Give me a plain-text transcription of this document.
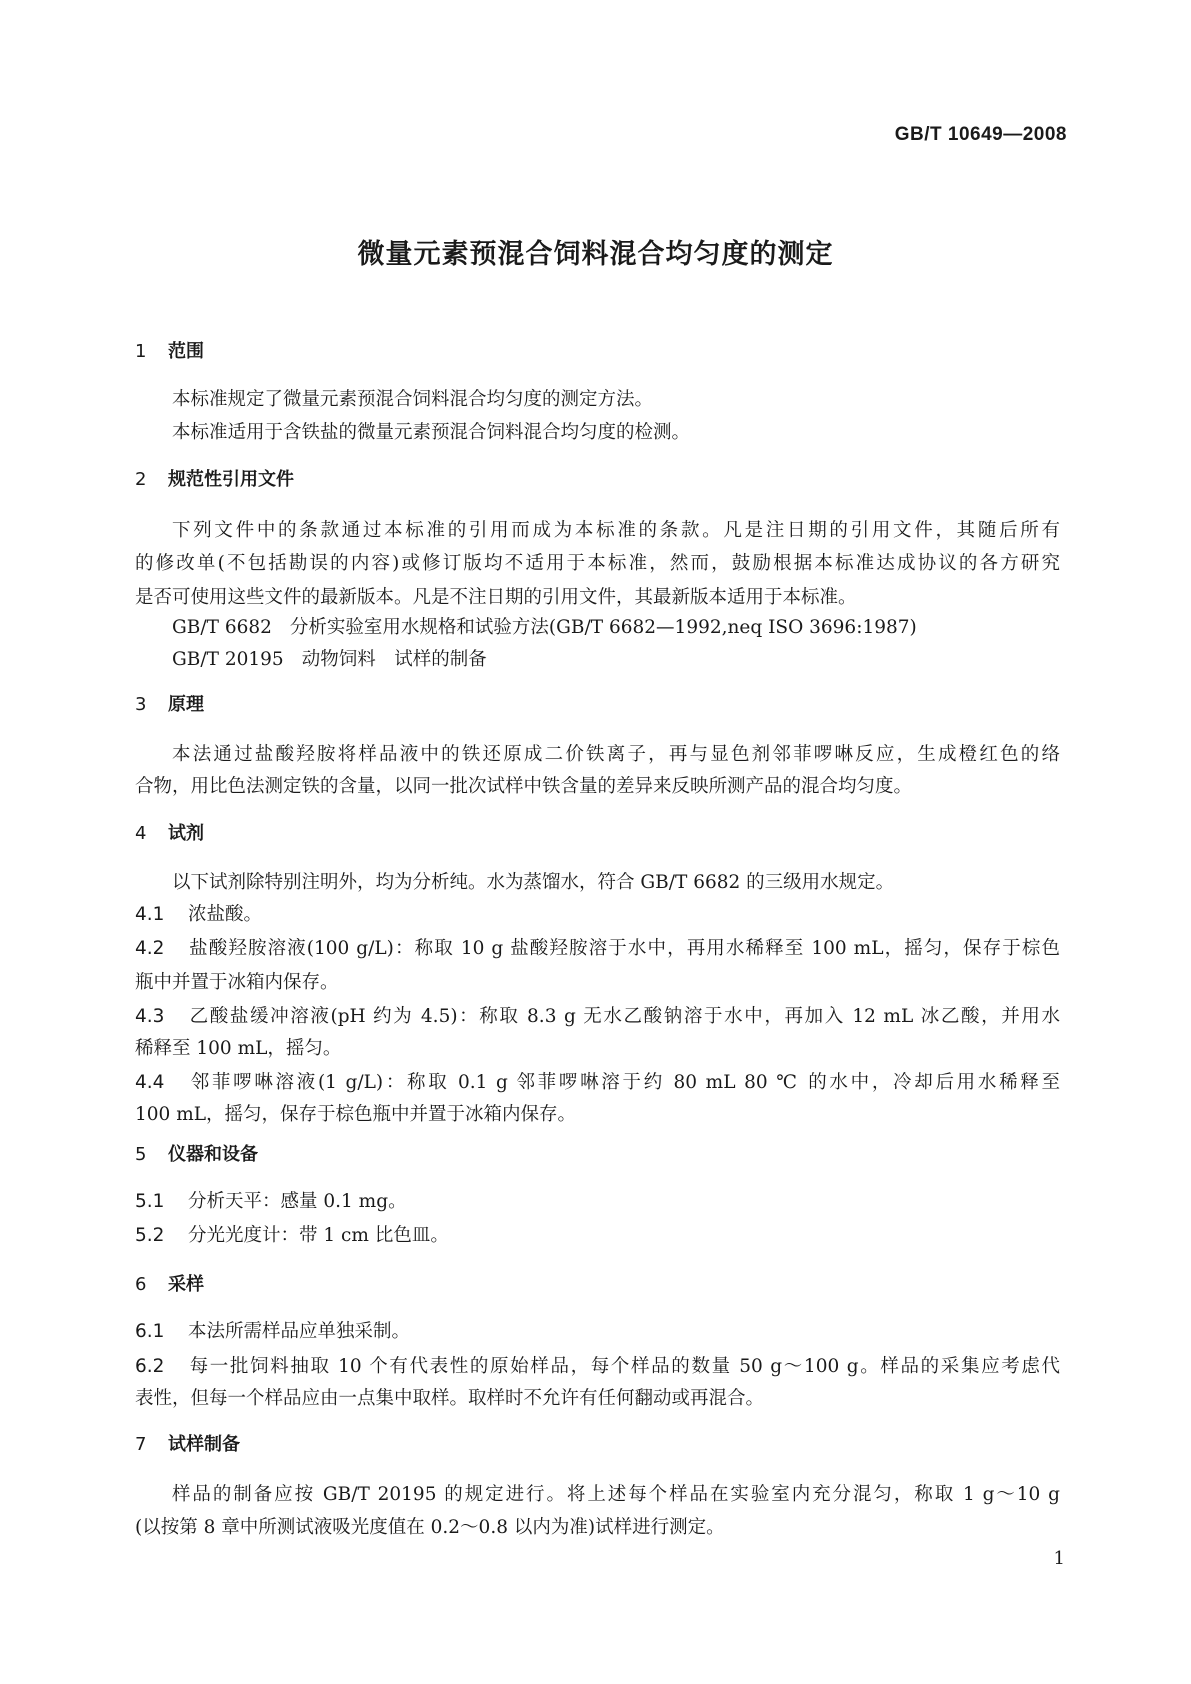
GB/T 10649—2008
微量元素预混合饲料混合均匀度的测定
1 范围
本标准规定了微量元素预混合饲料混合均匀度的测定方法。
本标准适用于含铁盐的微量元素预混合饲料混合均匀度的检测。
2 规范性引用文件
下列文件中的条款通过本标准的引用而成为本标准的条款。凡是注日期的引用文件，其随后所有
的修改单(不包括勘误的内容)或修订版均不适用于本标准，然而，鼓励根据本标准达成协议的各方研究
是否可使用这些文件的最新版本。凡是不注日期的引用文件，其最新版本适用于本标准。
GB/T 6682 分析实验室用水规格和试验方法(GB/T 6682—1992,neq ISO 3696:1987)
GB/T 20195 动物饲料　试样的制备
3 原理
本法通过盐酸羟胺将样品液中的铁还原成二价铁离子，再与显色剂邻菲啰啉反应，生成橙红色的络
合物，用比色法测定铁的含量，以同一批次试样中铁含量的差异来反映所测产品的混合均匀度。
4 试剂
以下试剂除特别注明外，均为分析纯。水为蒸馏水，符合 GB/T 6682 的三级用水规定。
4.1 浓盐酸。
4.2 盐酸羟胺溶液(100 g/L)：称取 10 g 盐酸羟胺溶于水中，再用水稀释至 100 mL，摇匀，保存于棕色
瓶中并置于冰箱内保存。
4.3 乙酸盐缓冲溶液(pH 约为 4.5)：称取 8.3 g 无水乙酸钠溶于水中，再加入 12 mL 冰乙酸，并用水
稀释至 100 mL，摇匀。
4.4 邻菲啰啉溶液(1 g/L)：称取 0.1 g 邻菲啰啉溶于约 80 mL 80 ℃ 的水中，冷却后用水稀释至
100 mL，摇匀，保存于棕色瓶中并置于冰箱内保存。
5 仪器和设备
5.1 分析天平：感量 0.1 mg。
5.2 分光光度计：带 1 cm 比色皿。
6 采样
6.1 本法所需样品应单独采制。
6.2 每一批饲料抽取 10 个有代表性的原始样品，每个样品的数量 50 g～100 g。样品的采集应考虑代
表性，但每一个样品应由一点集中取样。取样时不允许有任何翻动或再混合。
7 试样制备
样品的制备应按 GB/T 20195 的规定进行。将上述每个样品在实验室内充分混匀，称取 1 g～10 g
(以按第 8 章中所测试液吸光度值在 0.2～0.8 以内为准)试样进行测定。
1
